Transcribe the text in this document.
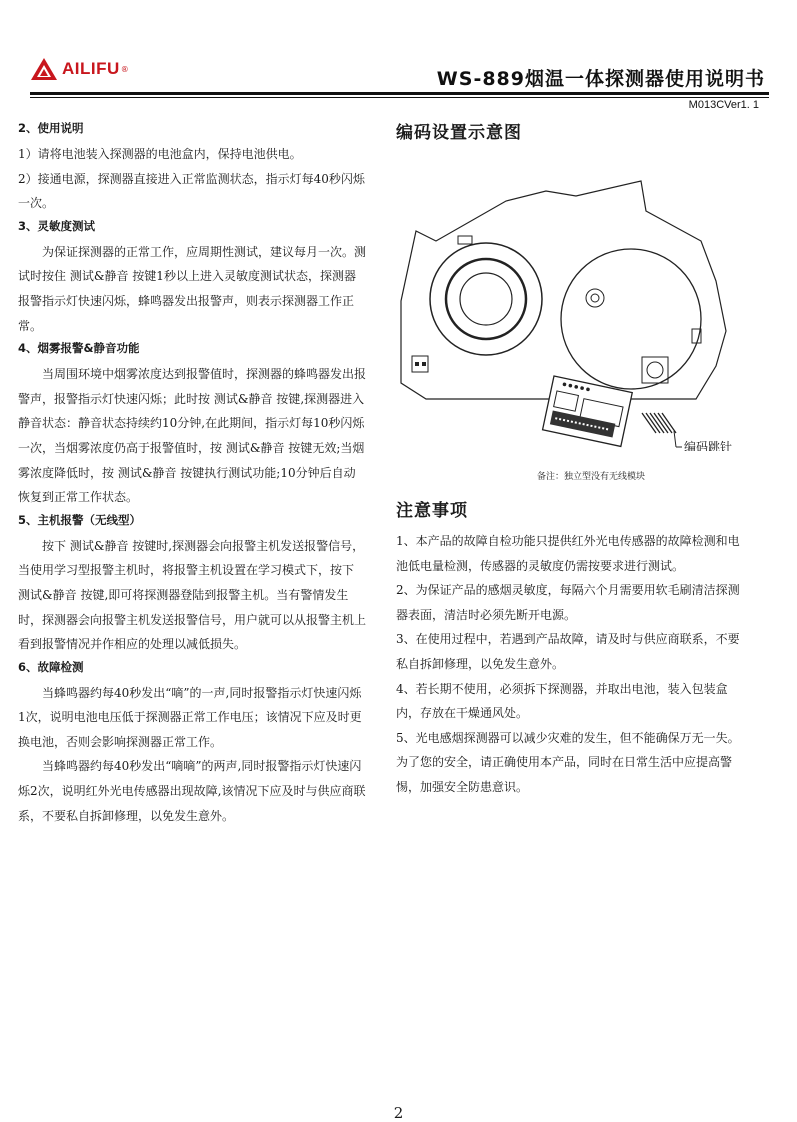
AILIFU ®	WS-889烟温一体探测器使用说明书
M013CVer1. 1
2、使用说明

1）请将电池装入探测器的电池盒内，保持电池供电。

2）接通电源，探测器直接进入正常监测状态，指示灯每40秒闪烁一次。

3、灵敏度测试

为保证探测器的正常工作，应周期性测试，建议每月一次。测试时按住 测试&静音 按键1秒以上进入灵敏度测试状态，探测器报警指示灯快速闪烁，蜂鸣器发出报警声，则表示探测器工作正常。

4、烟雾报警&静音功能

当周围环境中烟雾浓度达到报警值时，探测器的蜂鸣器发出报警声，报警指示灯快速闪烁；此时按 测试&静音 按键,探测器进入静音状态：静音状态持续约10分钟,在此期间，指示灯每10秒闪烁一次，当烟雾浓度仍高于报警值时，按 测试&静音 按键无效;当烟雾浓度降低时，按 测试&静音 按键执行测试功能;10分钟后自动恢复到正常工作状态。

5、主机报警（无线型）

按下 测试&静音 按键时,探测器会向报警主机发送报警信号，当使用学习型报警主机时，将报警主机设置在学习模式下，按下 测试&静音 按键,即可将探测器登陆到报警主机。当有警情发生时，探测器会向报警主机发送报警信号，用户就可以从报警主机上看到报警情况并作相应的处理以减低损失。

6、故障检测

当蜂鸣器约每40秒发出“嘀”的一声,同时报警指示灯快速闪烁1次，说明电池电压低于探测器正常工作电压；该情况下应及时更换电池，否则会影响探测器正常工作。

当蜂鸣器约每40秒发出“嘀嘀”的两声,同时报警指示灯快速闪烁2次，说明红外光电传感器出现故障,该情况下应及时与供应商联系，不要私自拆卸修理，以免发生意外。

编码设置示意图
编码跳针
备注：独立型没有无线模块
注意事项

1、本产品的故障自检功能只提供红外光电传感器的故障检测和电池低电量检测，传感器的灵敏度仍需按要求进行测试。

2、为保证产品的感烟灵敏度，每隔六个月需要用软毛刷清洁探测器表面，清洁时必须先断开电源。

3、在使用过程中，若遇到产品故障，请及时与供应商联系，不要私自拆卸修理，以免发生意外。

4、若长期不使用，必须拆下探测器，并取出电池，装入包装盒内，存放在干燥通风处。

5、光电感烟探测器可以减少灾难的发生，但不能确保万无一失。为了您的安全，请正确使用本产品，同时在日常生活中应提高警惕，加强安全防患意识。

2
